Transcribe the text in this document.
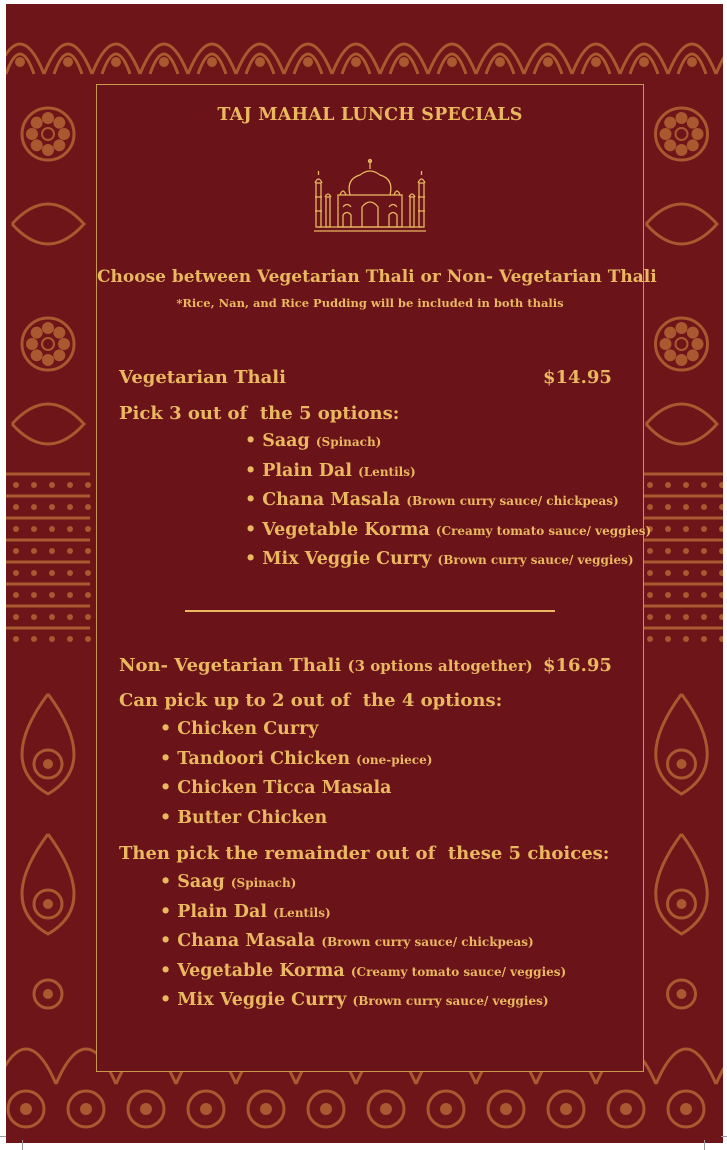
TAJ MAHAL LUNCH SPECIALS
Choose between Vegetarian Thali or Non- Vegetarian Thali
*Rice, Nan, and Rice Pudding will be included in both thalis
Vegetarian Thali	$14.95
Pick 3 out of  the 5 options:
• Saag (Spinach)
• Plain Dal (Lentils)
• Chana Masala (Brown curry sauce/ chickpeas)
• Vegetable Korma (Creamy tomato sauce/ veggies)
• Mix Veggie Curry (Brown curry sauce/ veggies)
Non- Vegetarian Thali (3 options altogether) $16.95
Can pick up to 2 out of  the 4 options:
• Chicken Curry
• Tandoori Chicken (one-piece)
• Chicken Ticca Masala
• Butter Chicken
Then pick the remainder out of  these 5 choices:
• Saag (Spinach)
• Plain Dal (Lentils)
• Chana Masala (Brown curry sauce/ chickpeas)
• Vegetable Korma (Creamy tomato sauce/ veggies)
• Mix Veggie Curry (Brown curry sauce/ veggies)
